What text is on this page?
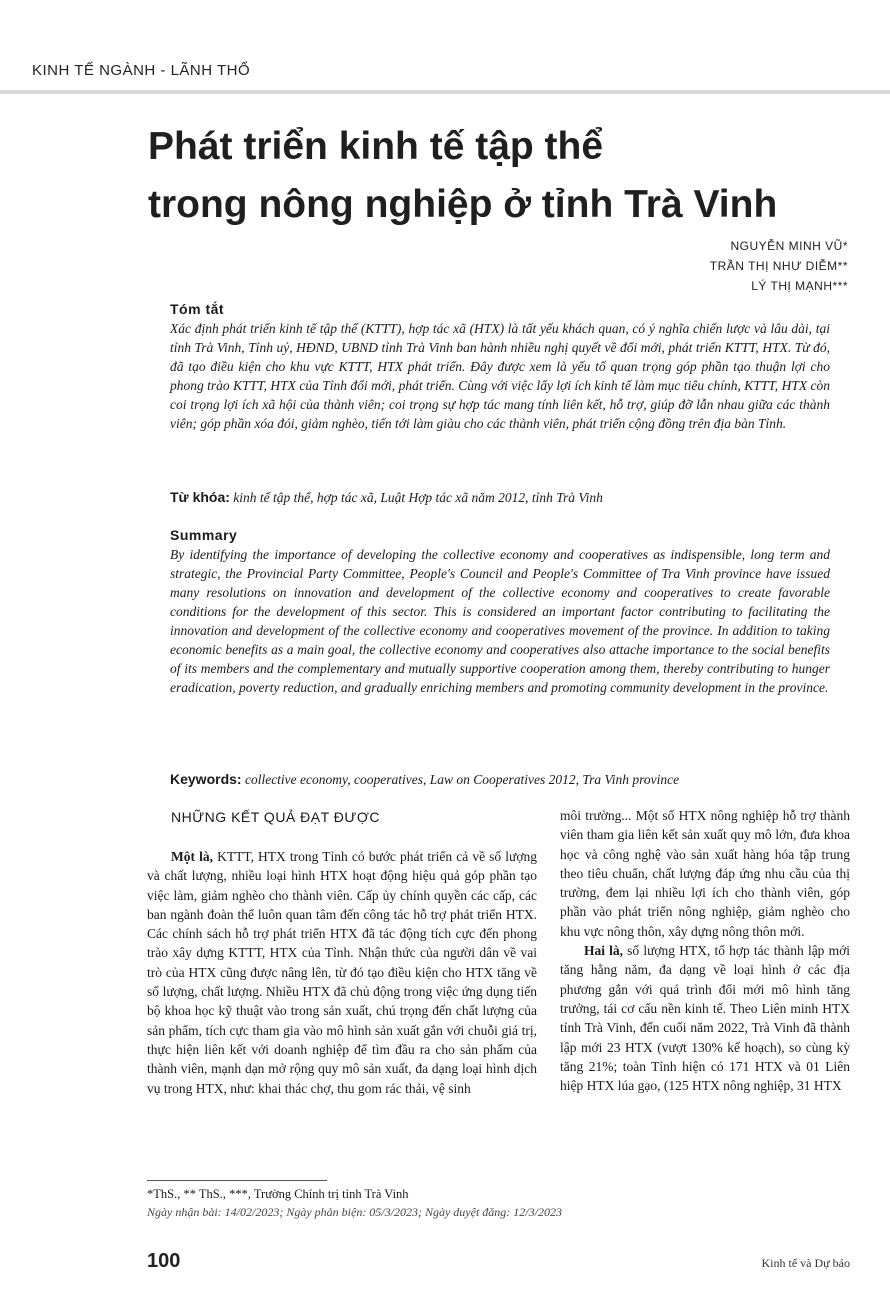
KINH TẾ NGÀNH - LÃNH THỔ
Phát triển kinh tế tập thể
trong nông nghiệp ở tỉnh Trà Vinh
NGUYỄN MINH VŨ*
TRẦN THỊ NHƯ DIỄM**
LÝ THỊ MẠNH***
Tóm tắt

Xác định phát triển kinh tế tập thể (KTTT), hợp tác xã (HTX) là tất yếu khách quan, có ý nghĩa chiến lược và lâu dài, tại tỉnh Trà Vinh, Tỉnh uỷ, HĐND, UBND tỉnh Trà Vinh ban hành nhiều nghị quyết về đổi mới, phát triển KTTT, HTX. Từ đó, đã tạo điều kiện cho khu vực KTTT, HTX phát triển. Đây được xem là yếu tố quan trọng góp phần tạo thuận lợi cho phong trào KTTT, HTX của Tỉnh đổi mới, phát triển. Cùng với việc lấy lợi ích kinh tế làm mục tiêu chính, KTTT, HTX còn coi trọng lợi ích xã hội của thành viên; coi trọng sự hợp tác mang tính liên kết, hỗ trợ, giúp đỡ lẫn nhau giữa các thành viên; góp phần xóa đói, giảm nghèo, tiến tới làm giàu cho các thành viên, phát triển cộng đồng trên địa bàn Tỉnh.

Từ khóa: kinh tế tập thể, hợp tác xã, Luật Hợp tác xã năm 2012, tỉnh Trà Vinh
Summary

By identifying the importance of developing the collective economy and cooperatives as indispensible, long term and strategic, the Provincial Party Committee, People's Council and People's Committee of Tra Vinh province have issued many resolutions on innovation and development of the collective economy and cooperatives to create favorable conditions for the development of this sector. This is considered an important factor contributing to facilitating the innovation and development of the collective economy and cooperatives movement of the province. In addition to taking economic benefits as a main goal, the collective economy and cooperatives also attache importance to the social benefits of its members and the complementary and mutually supportive cooperation among them, thereby contributing to hunger eradication, poverty reduction, and gradually enriching members and promoting community development in the province.

Keywords: collective economy, cooperatives, Law on Cooperatives 2012, Tra Vinh province
NHỮNG KẾT QUẢ ĐẠT ĐƯỢC

Một là, KTTT, HTX trong Tỉnh có bước phát triển cả về số lượng và chất lượng, nhiều loại hình HTX hoạt động hiệu quả góp phần tạo việc làm, giảm nghèo cho thành viên. Cấp ủy chính quyền các cấp, các ban ngành đoàn thể luôn quan tâm đến công tác hỗ trợ phát triển HTX. Các chính sách hỗ trợ phát triển HTX đã tác động tích cực đến phong trào xây dựng KTTT, HTX của Tỉnh. Nhận thức của người dân về vai trò của HTX cũng được nâng lên, từ đó tạo điều kiện cho HTX tăng về số lượng, chất lượng. Nhiều HTX đã chủ động trong việc ứng dụng tiến bộ khoa học kỹ thuật vào trong sản xuất, chú trọng đến chất lượng của sản phẩm, tích cực tham gia vào mô hình sản xuất gắn với chuỗi giá trị, thực hiện liên kết với doanh nghiệp để tìm đầu ra cho sản phẩm của thành viên, mạnh dạn mở rộng quy mô sản xuất, đa dạng loại hình dịch vụ trong HTX, như: khai thác chợ, thu gom rác thải, vệ sinh

môi trường... Một số HTX nông nghiệp hỗ trợ thành viên tham gia liên kết sản xuất quy mô lớn, đưa khoa học và công nghệ vào sản xuất hàng hóa tập trung theo tiêu chuẩn, chất lượng đáp ứng nhu cầu của thị trường, đem lại nhiều lợi ích cho thành viên, góp phần vào phát triển nông nghiệp, giảm nghèo cho khu vực nông thôn, xây dựng nông thôn mới.

Hai là, số lượng HTX, tổ hợp tác thành lập mới tăng hằng năm, đa dạng về loại hình ở các địa phương gắn với quá trình đổi mới mô hình tăng trưởng, tái cơ cấu nền kinh tế. Theo Liên minh HTX tỉnh Trà Vinh, đến cuối năm 2022, Trà Vinh đã thành lập mới 23 HTX (vượt 130% kế hoạch), so cùng kỳ tăng 21%; toàn Tỉnh hiện có 171 HTX và 01 Liên hiệp HTX lúa gạo, (125 HTX nông nghiệp, 31 HTX

*ThS., ** ThS., ***, Trường Chính trị tỉnh Trà Vinh
Ngày nhận bài: 14/02/2023; Ngày phản biện: 05/3/2023; Ngày duyệt đăng: 12/3/2023
100	Kinh tế và Dự báo
